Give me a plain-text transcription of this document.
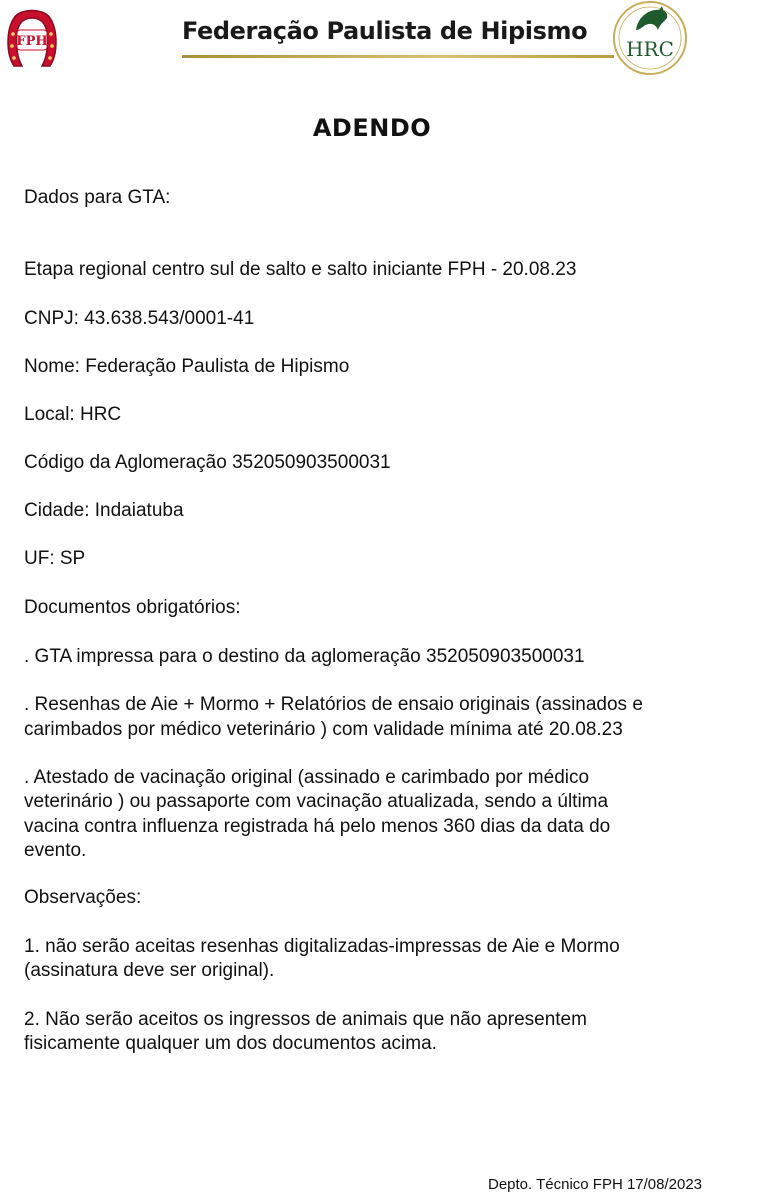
FPH	Federação Paulista de Hipismo
HRC
ADENDO
Dados para GTA:
Etapa regional centro sul de salto e salto iniciante FPH - 20.08.23
CNPJ: 43.638.543/0001-41
Nome: Federação Paulista de Hipismo
Local: HRC
Código da Aglomeração 352050903500031
Cidade: Indaiatuba
UF: SP
Documentos obrigatórios:
. GTA impressa para o destino da aglomeração 352050903500031
. Resenhas de Aie + Mormo + Relatórios de ensaio originais (assinados e
carimbados por médico veterinário ) com validade mínima até 20.08.23
. Atestado de vacinação original (assinado e carimbado por médico
veterinário ) ou passaporte com vacinação atualizada, sendo a última
vacina contra influenza registrada há pelo menos 360 dias da data do
evento.
Observações:
1. não serão aceitas resenhas digitalizadas-impressas de Aie e Mormo
(assinatura deve ser original).
2. Não serão aceitos os ingressos de animais que não apresentem
fisicamente qualquer um dos documentos acima.
Depto. Técnico FPH 17/08/2023
